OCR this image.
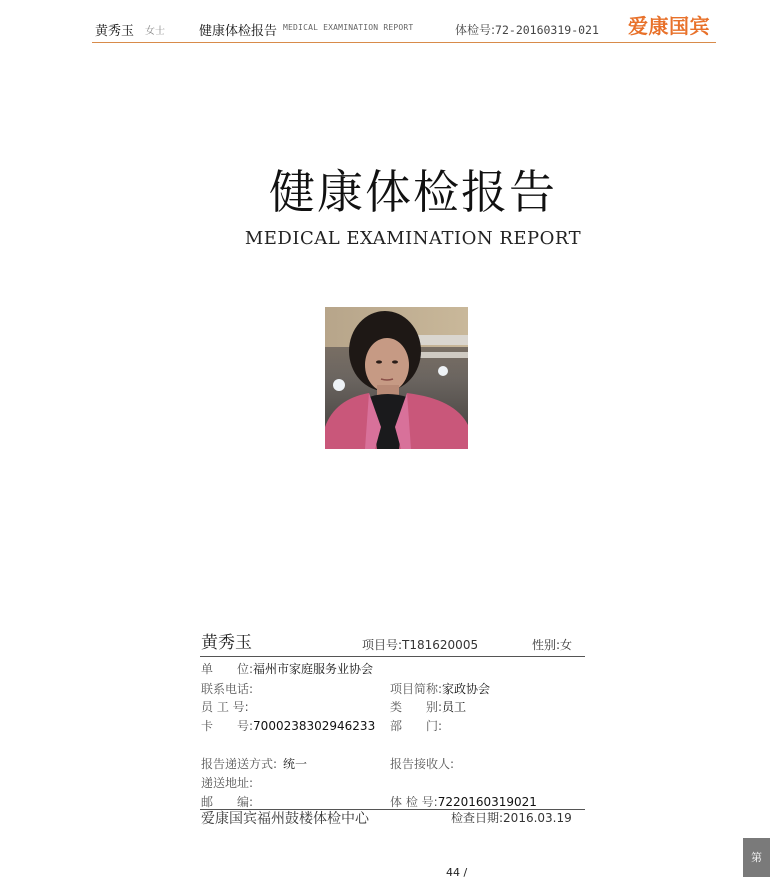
黄秀玉 女士	健康体检报告 MEDICAL EXAMINATION REPORT	体检号:72-20160319-021 爱康国宾
健康体检报告
MEDICAL EXAMINATION REPORT
黄秀玉	项目号:T181620005	性别:女
单　　位:福州市家庭服务业协会
联系电话:	项目简称:家政协会
员 工 号:	类　　别:员工
卡　　号:7000238302946233 部　　门:
报告递送方式: 统一	报告接收人:
递送地址:
邮　　编:	体 检 号:7220160319021
爱康国宾福州鼓楼体检中心	检查日期:2016.03.19
44 /
第
